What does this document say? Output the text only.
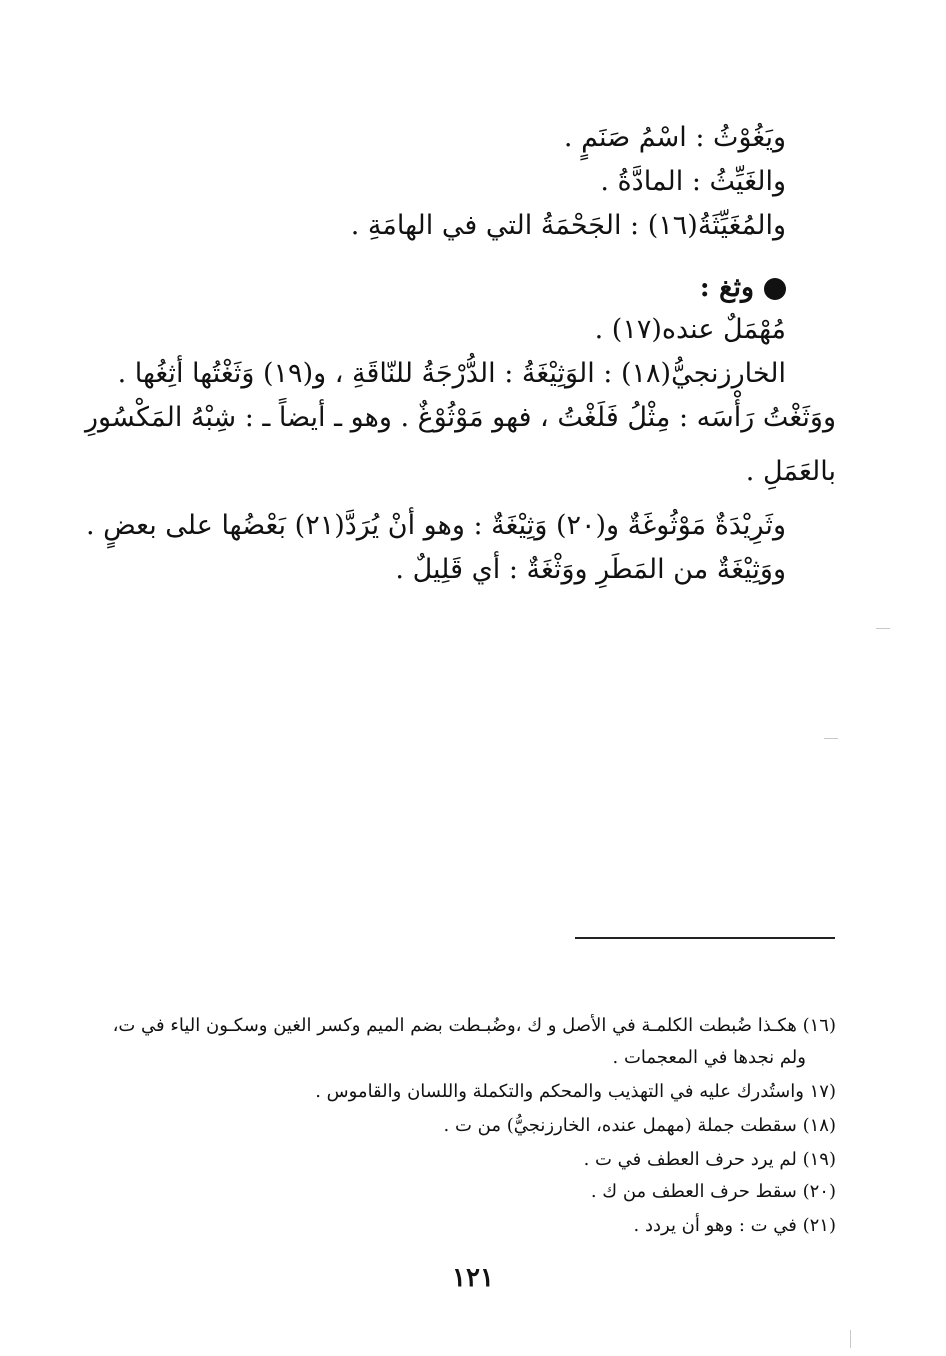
ويَغُوْثُ : اسْمُ صَنَمٍ .
والغَيِّثُ : المادَّةُ .
والمُغَيِّثَةُ(١٦) : الجَحْمَةُ التي في الهامَةِ .
وثغ :
مُهْمَلٌ عنده(١٧) .
الخارزنجيُّ(١٨) : الوَثِيْغَةُ : الدُّرْجَةُ للنّاقَةِ ، و(١٩) وَثَغْتُها أثِغُها .
ووَثَغْتُ رَأْسَه : مِثْلُ فَلَغْتُ ، فهو مَوْثُوْغٌ . وهو ـ أيضاً ـ : شِبْهُ المَكْسُورِ
بالعَمَلِ .
وثَرِيْدَةٌ مَوْثُوغَةٌ و(٢٠) وَثِيْغَةٌ : وهو أنْ يُرَدَّ(٢١) بَعْضُها على بعضٍ .
ووَثِيْغَةٌ من المَطَرِ ووَثْغَةٌ : أي قَلِيلٌ .
(١٦) هكـذا ضُبطت الكلمـة في الأصل و ك ،وضُبـطت بضم الميم وكسر الغين وسكـون الياء في ت،
ولم نجدها في المعجمات .
(١٧ واستُدرك عليه في التهذيب والمحكم والتكملة واللسان والقاموس .
(١٨) سقطت جملة (مهمل عنده، الخارزنجيُّ) من ت .
(١٩) لم يرد حرف العطف في ت .
(٢٠) سقط حرف العطف من ك .
(٢١) في ت : وهو أن يردد .
١٢١
